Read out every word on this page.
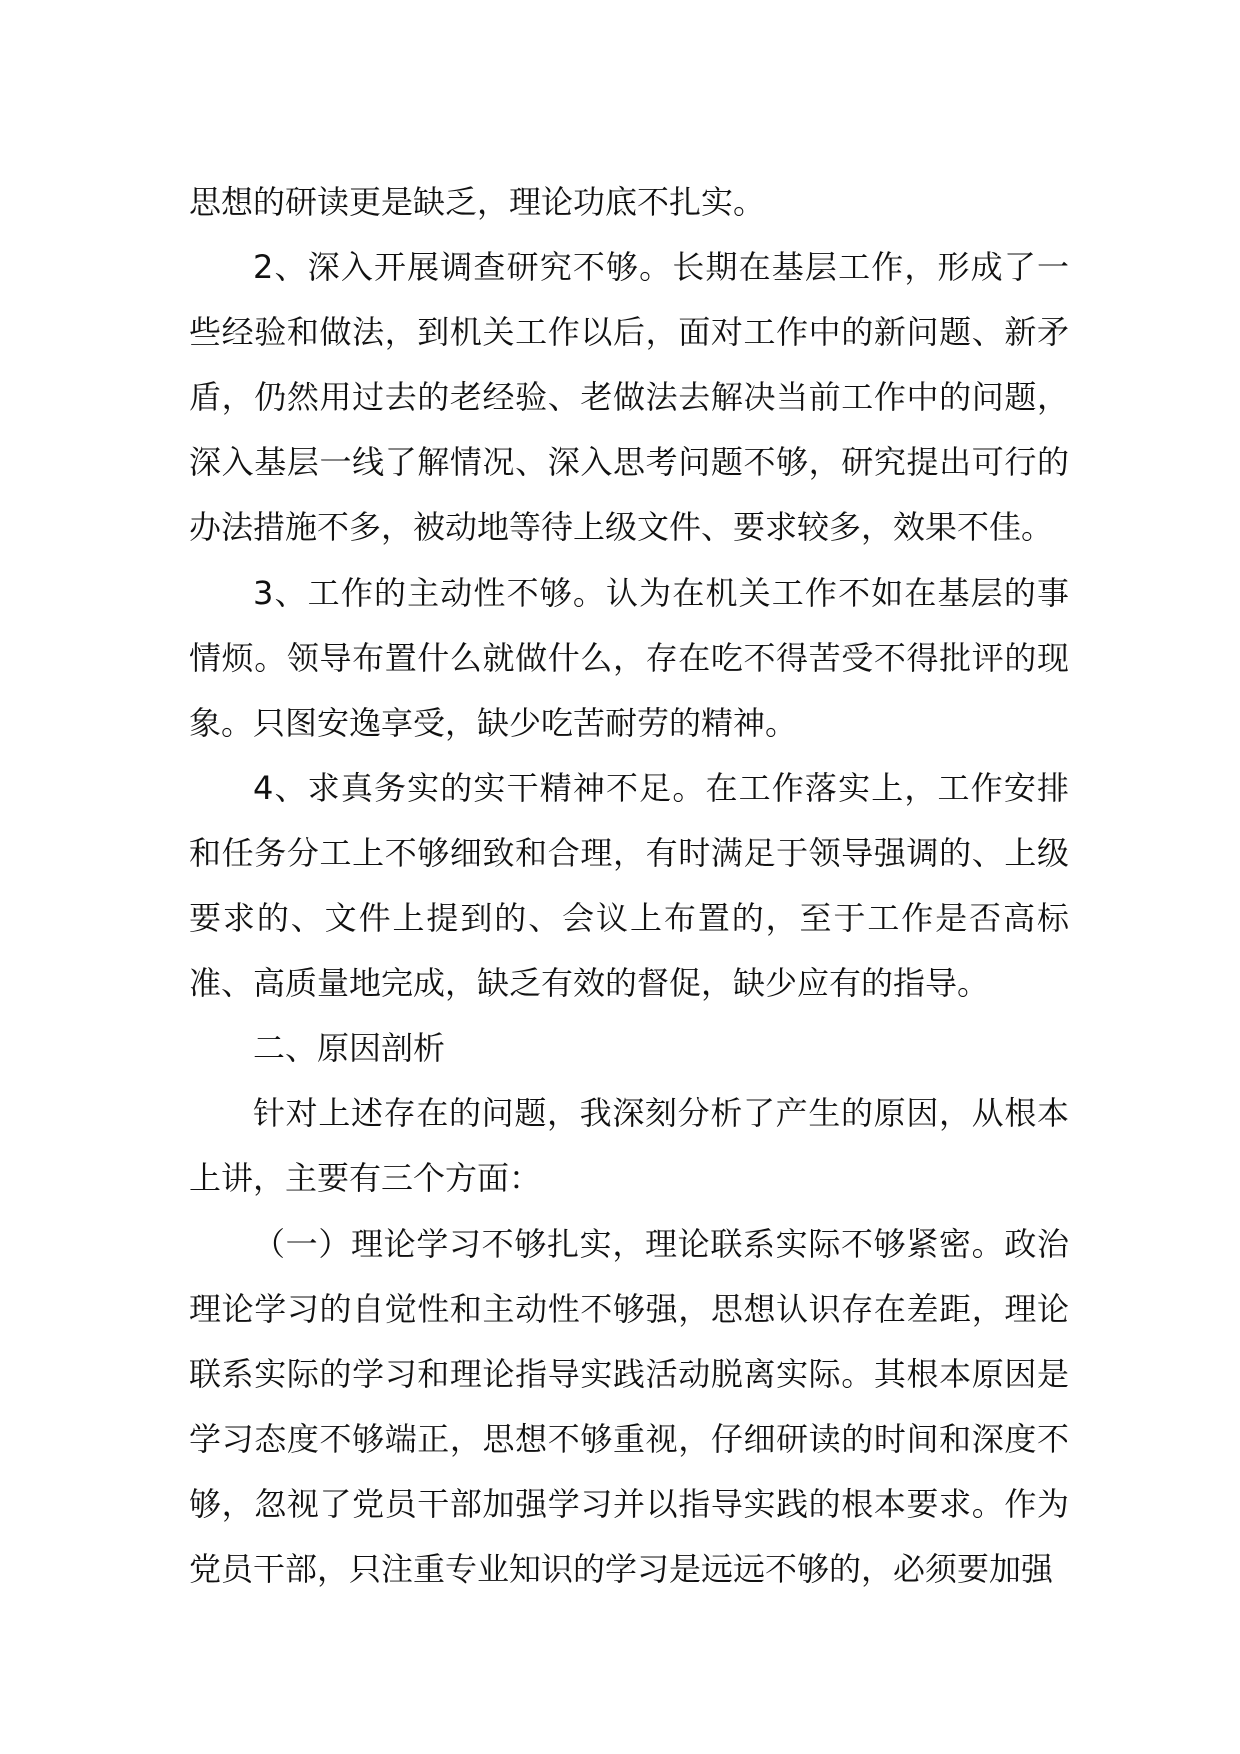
思想的研读更是缺乏，理论功底不扎实。

2、深入开展调查研究不够。长期在基层工作，形成了一些经验和做法，到机关工作以后，面对工作中的新问题、新矛盾，仍然用过去的老经验、老做法去解决当前工作中的问题，深入基层一线了解情况、深入思考问题不够，研究提出可行的办法措施不多，被动地等待上级文件、要求较多，效果不佳。

3、工作的主动性不够。认为在机关工作不如在基层的事情烦。领导布置什么就做什么，存在吃不得苦受不得批评的现象。只图安逸享受，缺少吃苦耐劳的精神。

4、求真务实的实干精神不足。在工作落实上，工作安排和任务分工上不够细致和合理，有时满足于领导强调的、上级要求的、文件上提到的、会议上布置的，至于工作是否高标准、高质量地完成，缺乏有效的督促，缺少应有的指导。

二、原因剖析

针对上述存在的问题，我深刻分析了产生的原因，从根本上讲，主要有三个方面：

（一）理论学习不够扎实，理论联系实际不够紧密。政治理论学习的自觉性和主动性不够强，思想认识存在差距，理论联系实际的学习和理论指导实践活动脱离实际。其根本原因是学习态度不够端正，思想不够重视，仔细研读的时间和深度不够，忽视了党员干部加强学习并以指导实践的根本要求。作为党员干部，只注重专业知识的学习是远远不够的，必须要加强
